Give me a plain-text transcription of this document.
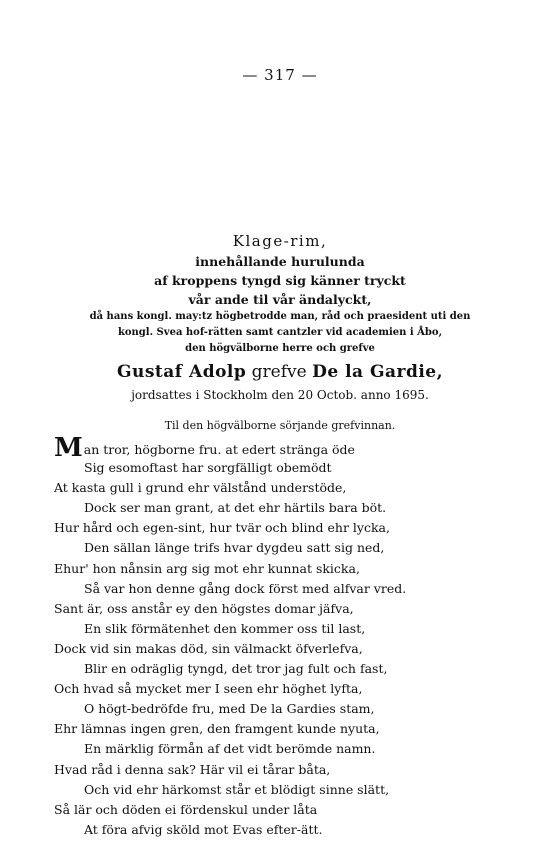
— 317 —
Klage-rim,
innehållande hurulunda
af kroppens tyngd sig känner tryckt
vår ande til vår ändalyckt,
då hans kongl. may:tz högbetrodde man, råd och praesident uti den
kongl. Svea hof-rätten samt cantzler vid academien i Åbo,
den högvälborne herre och grefve
Gustaf Adolp grefve De la Gardie,
jordsattes i Stockholm den 20 Octob. anno 1695.
Til den högvälborne sörjande grefvinnan.
Man tror, högborne fru. at edert stränga öde
Sig esomoftast har sorgfälligt obemödt
At kasta gull i grund ehr välstånd understöde,
Dock ser man grant, at det ehr härtils bara böt.
Hur hård och egen-sint, hur tvär och blind ehr lycka,
Den sällan länge trifs hvar dygdeu satt sig ned,
Ehur' hon nånsin arg sig mot ehr kunnat skicka,
Så var hon denne gång dock först med alfvar vred.
Sant är, oss anstår ey den högstes domar jäfva,
En slik förmätenhet den kommer oss til last,
Dock vid sin makas död, sin välmackt öfverlefva,
Blir en odräglig tyngd, det tror jag fult och fast,
Och hvad så mycket mer I seen ehr höghet lyfta,
O högt-bedröfde fru, med De la Gardies stam,
Ehr lämnas ingen gren, den framgent kunde nyuta,
En märklig förmån af det vidt berömde namn.
Hvad råd i denna sak? Här vil ei tårar båta,
Och vid ehr härkomst står et blödigt sinne slätt,
Så lär och döden ei fördenskul under låta
At föra afvig sköld mot Evas efter-ätt.
